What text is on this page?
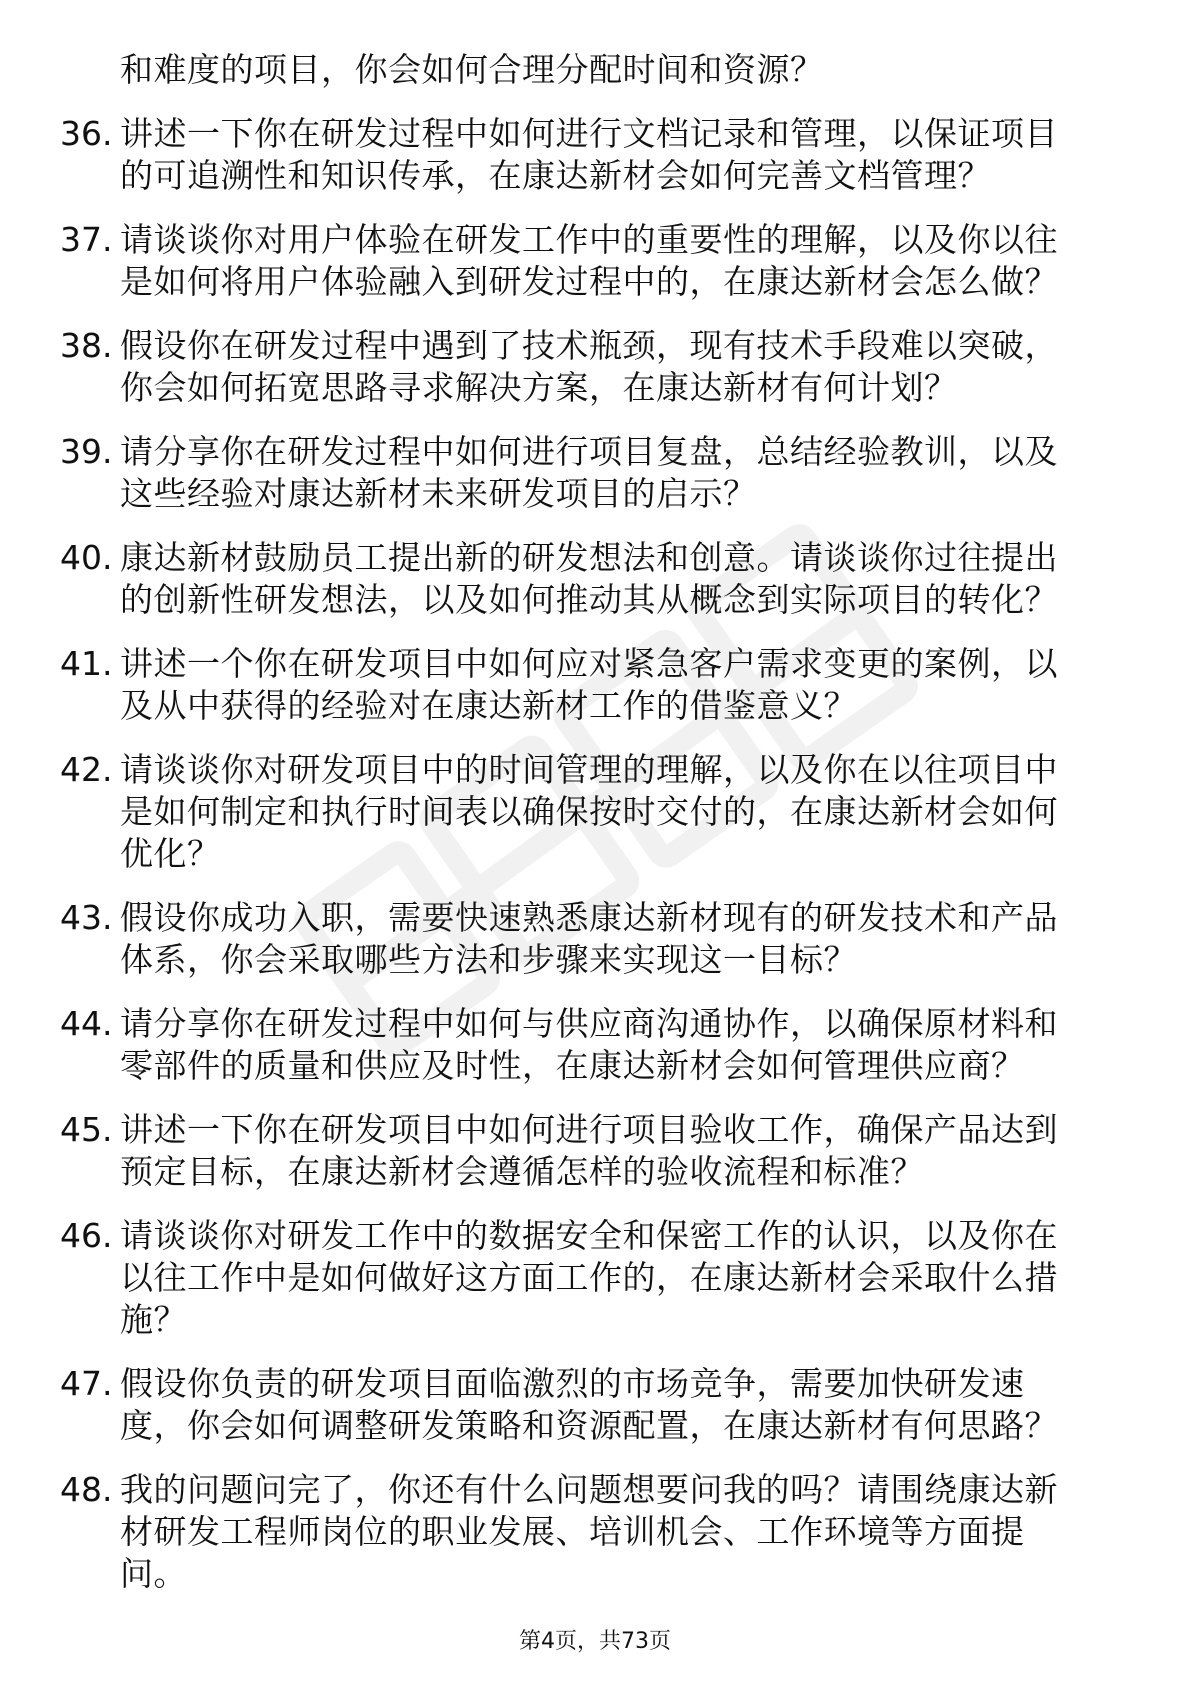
和难度的项目，你会如何合理分配时间和资源？
36. 讲述一下你在研发过程中如何进行文档记录和管理，以保证项目
的可追溯性和知识传承，在康达新材会如何完善文档管理？
37. 请谈谈你对用户体验在研发工作中的重要性的理解，以及你以往
是如何将用户体验融入到研发过程中的，在康达新材会怎么做？
38. 假设你在研发过程中遇到了技术瓶颈，现有技术手段难以突破，
你会如何拓宽思路寻求解决方案，在康达新材有何计划？
39. 请分享你在研发过程中如何进行项目复盘，总结经验教训，以及
这些经验对康达新材未来研发项目的启示？
40. 康达新材鼓励员工提出新的研发想法和创意。请谈谈你过往提出
的创新性研发想法，以及如何推动其从概念到实际项目的转化？
41. 讲述一个你在研发项目中如何应对紧急客户需求变更的案例，以
及从中获得的经验对在康达新材工作的借鉴意义？
42. 请谈谈你对研发项目中的时间管理的理解，以及你在以往项目中
是如何制定和执行时间表以确保按时交付的，在康达新材会如何
优化？
43. 假设你成功入职，需要快速熟悉康达新材现有的研发技术和产品
体系，你会采取哪些方法和步骤来实现这一目标？
44. 请分享你在研发过程中如何与供应商沟通协作，以确保原材料和
零部件的质量和供应及时性，在康达新材会如何管理供应商？
45. 讲述一下你在研发项目中如何进行项目验收工作，确保产品达到
预定目标，在康达新材会遵循怎样的验收流程和标准？
46. 请谈谈你对研发工作中的数据安全和保密工作的认识，以及你在
以往工作中是如何做好这方面工作的，在康达新材会采取什么措
施？
47. 假设你负责的研发项目面临激烈的市场竞争，需要加快研发速
度，你会如何调整研发策略和资源配置，在康达新材有何思路？
48. 我的问题问完了，你还有什么问题想要问我的吗？请围绕康达新
材研发工程师岗位的职业发展、培训机会、工作环境等方面提
问。
第4页，共73页
